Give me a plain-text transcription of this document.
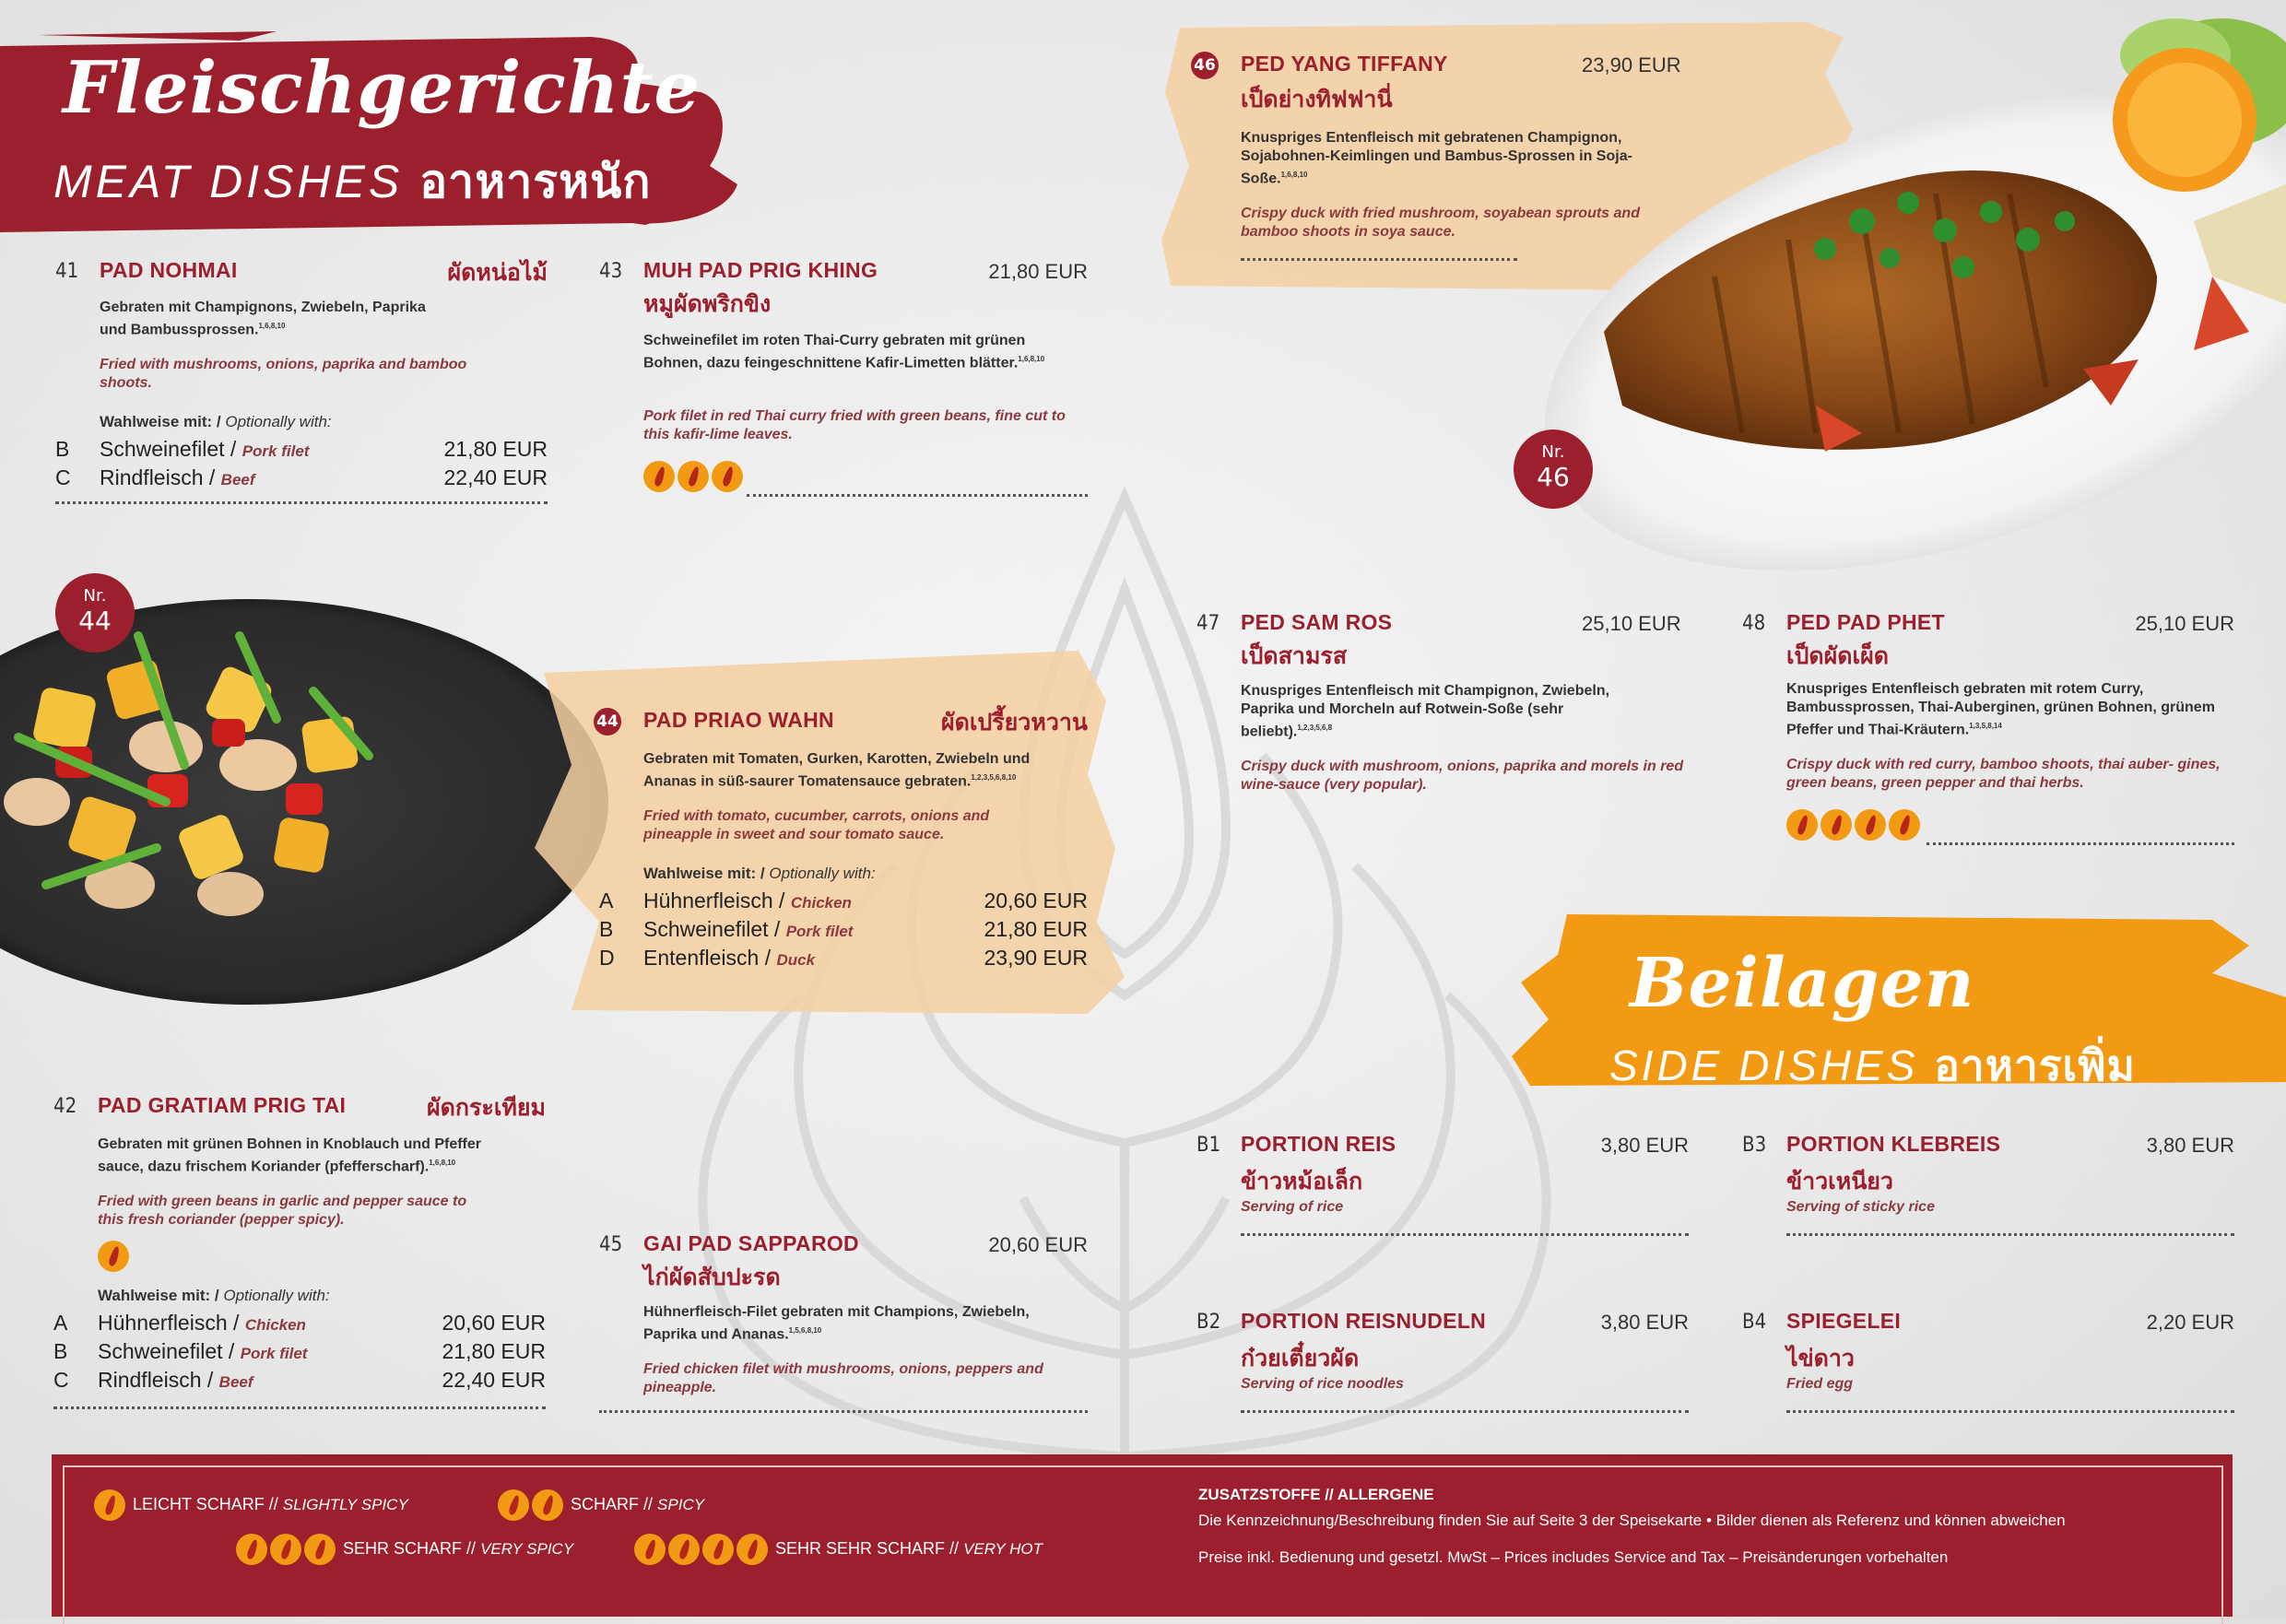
Fleischgerichte
MEAT DISHES อาหารหนัก
41 PAD NOHMAI	ผัดหน่อไม้
Gebraten mit Champignons, Zwiebeln, Paprika und Bambussprossen.$^{1,6,8,10}$
Fried with mushrooms, onions, paprika and bamboo shoots.
Wahlweise mit: / Optionally with:
B Schweinefilet / Pork filet	21,80 EUR
C Rindfleisch / Beef	22,40 EUR
43 MUH PAD PRIG KHING	21,80 EUR
หมูผัดพริกขิง
Schweinefilet im roten Thai-Curry gebraten mit grünen Bohnen, dazu feingeschnittene Kafir-Limetten blätter.$^{1,6,8,10}$
Pork filet in red Thai curry fried with green beans, fine cut to this kafir-lime leaves.
46 PED YANG TIFFANY	23,90 EUR
เป็ดย่างทิฟฟานี่
Knuspriges Entenfleisch mit gebratenen Champignon, Sojabohnen-Keimlingen und Bambus-Sprossen in Soja-Soße.$^{1,6,8,10}$
Crispy duck with fried mushroom, soyabean sprouts and bamboo shoots in soya sauce.
Nr.
46
Nr.
44
44 PAD PRIAO WAHN	ผัดเปรี้ยวหวาน
Gebraten mit Tomaten, Gurken, Karotten, Zwiebeln und Ananas in süß-saurer Tomatensauce gebraten.$^{1,2,3,5,6,8,10}$
Fried with tomato, cucumber, carrots, onions and pineapple in sweet and sour tomato sauce.
Wahlweise mit: / Optionally with:
A Hühnerfleisch / Chicken	20,60 EUR
B Schweinefilet / Pork filet	21,80 EUR
D Entenfleisch / Duck	23,90 EUR
47 PED SAM ROS	25,10 EUR
เป็ดสามรส
Knuspriges Entenfleisch mit Champignon, Zwiebeln, Paprika und Morcheln auf Rotwein-Soße (sehr beliebt).$^{1,2,3,5,6,8}$
Crispy duck with mushroom, onions, paprika and morels in red wine-sauce (very popular).
48 PED PAD PHET	25,10 EUR
เป็ดผัดเผ็ด
Knuspriges Entenfleisch gebraten mit rotem Curry, Bambussprossen, Thai-Auberginen, grünen Bohnen, grünem Pfeffer und Thai-Kräutern.$^{1,3,5,8,14}$
Crispy duck with red curry, bamboo shoots, thai auber- gines, green beans, green pepper and thai herbs.
Beilagen
SIDE DISHES อาหารเพิ่ม
42 PAD GRATIAM PRIG TAI	ผัดกระเทียม
Gebraten mit grünen Bohnen in Knoblauch und Pfeffer sauce, dazu frischem Koriander (pfefferscharf).$^{1,6,8,10}$
Fried with green beans in garlic and pepper sauce to this fresh coriander (pepper spicy).
Wahlweise mit: / Optionally with:
A Hühnerfleisch / Chicken	20,60 EUR
B Schweinefilet / Pork filet	21,80 EUR
C Rindfleisch / Beef	22,40 EUR
45 GAI PAD SAPPAROD	20,60 EUR
ไก่ผัดสับปะรด
Hühnerfleisch-Filet gebraten mit Champions, Zwiebeln, Paprika und Ananas.$^{1,5,6,8,10}$
Fried chicken filet with mushrooms, onions, peppers and pineapple.
B1 PORTION REIS	3,80 EUR
ข้าวหม้อเล็ก
Serving of rice
B3 PORTION KLEBREIS	3,80 EUR
ข้าวเหนียว
Serving of sticky rice
B2 PORTION REISNUDELN	3,80 EUR
ก๋วยเตี๋ยวผัด
Serving of rice noodles
B4 SPIEGELEI	2,20 EUR
ไข่ดาว
Fried egg
LEICHT SCHARF // SLIGHTLY SPICY	SCHARF // SPICY
SEHR SCHARF // VERY SPICY	SEHR SEHR SCHARF // VERY HOT
ZUSATZSTOFFE // ALLERGENE
Die Kennzeichnung/Beschreibung finden Sie auf Seite 3 der Speisekarte • Bilder dienen als Referenz und können abweichen
Preise inkl. Bedienung und gesetzl. MwSt – Prices includes Service and Tax – Preisänderungen vorbehalten
